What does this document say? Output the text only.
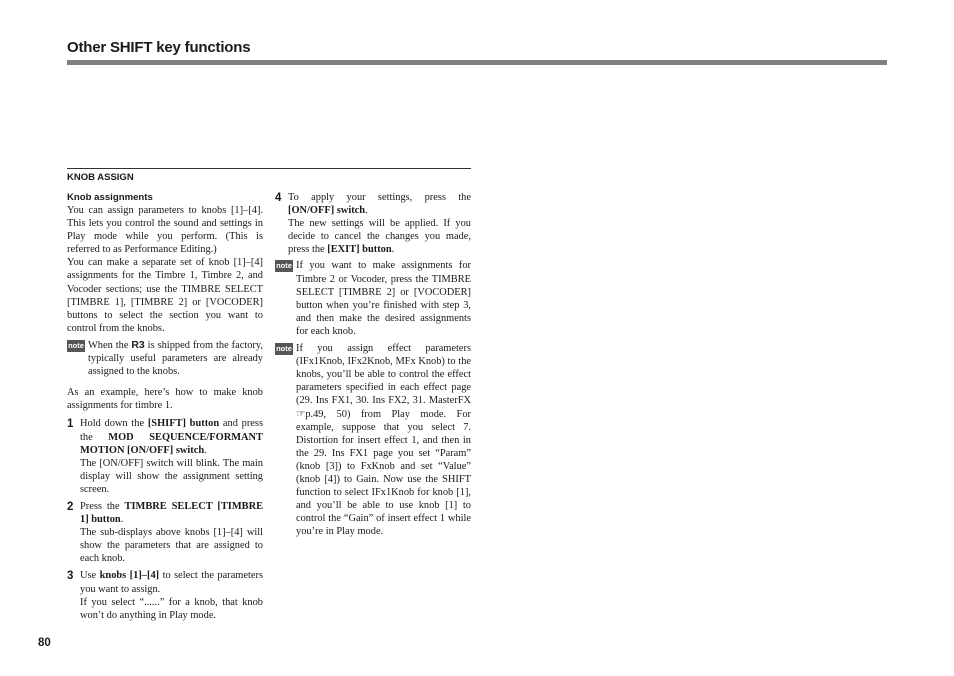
Other SHIFT key functions
KNOB ASSIGN
Knob assignments

You can assign parameters to knobs [1]–[4]. This lets you control the sound and settings in Play mode while you perform. (This is referred to as Performance Editing.)

You can make a separate set of knob [1]–[4] assignments for the Timbre 1, Timbre 2, and Vocoder sections; use the TIMBRE SELECT [TIMBRE 1], [TIMBRE 2] or [VOCODER] buttons to select the section you want to control from the knobs.

note When the R3 is shipped from the factory, typically useful parameters are already assigned to the knobs.

As an example, here’s how to make knob assignments for timbre 1.

1 Hold down the [SHIFT] button and press the MOD SEQUENCE/FORMANT MOTION [ON/OFF] switch.

The [ON/OFF] switch will blink. The main display will show the assignment setting screen.

2 Press the TIMBRE SELECT [TIMBRE 1] button.

The sub-displays above knobs [1]–[4] will show the parameters that are assigned to each knob.

3 Use knobs [1]–[4] to select the parameters you want to assign.

If you select “......” for a knob, that knob won’t do anything in Play mode.

4 To apply your settings, press the [ON/OFF] switch.

The new settings will be applied. If you decide to cancel the changes you made, press the [EXIT] button.

note If you want to make assignments for Timbre 2 or Vocoder, press the TIMBRE SELECT [TIMBRE 2] or [VOCODER] button when you’re finished with step 3, and then make the desired assignments for each knob.

note If you assign effect parameters (IFx1Knob, IFx2Knob, MFx Knob) to the knobs, you’ll be able to control the effect parameters specified in each effect page (29. Ins FX1, 30. Ins FX2, 31. MasterFX ☞p.49, 50) from Play mode. For example, suppose that you select 7. Distortion for insert effect 1, and then in the 29. Ins FX1 page you set “Param” (knob [3]) to FxKnob and set “Value” (knob [4]) to Gain. Now use the SHIFT function to select IFx1Knob for knob [1], and you’ll be able to use knob [1] to control the “Gain” of insert effect 1 while you’re in Play mode.

80
